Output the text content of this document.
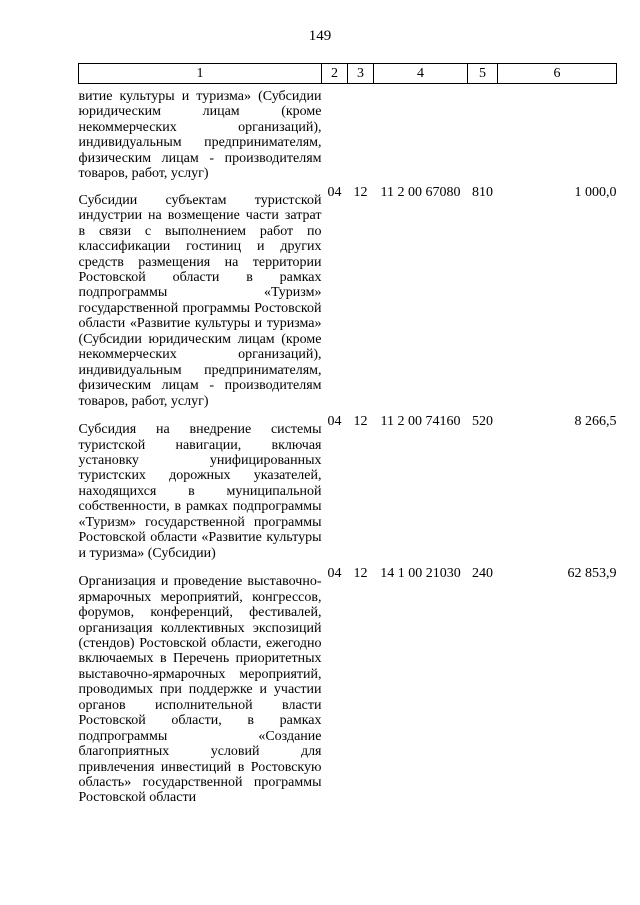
149
1	2	3	4	5	6
витие культуры и туризма» (Субсидии юридическим лицам (кроме некоммерческих организаций), индивидуальным предпринимателям, физическим лицам - производителям товаров, работ, услуг)					
Субсидии субъектам туристской индустрии на возмещение части затрат в связи с выполнением работ по классификации гостиниц и других средств размещения на территории Ростовской области в рамках подпрограммы «Туризм» государственной программы Ростовской области «Развитие культуры и туризма» (Субсидии юридическим лицам (кроме некоммерческих организаций), индивидуальным предпринимателям, физическим лицам - производителям товаров, работ, услуг)	04	12	11 2 00 67080	810	1 000,0
Субсидия на внедрение системы туристской навигации, включая установку унифицированных туристских дорожных указателей, находящихся в муниципальной собственности, в рамках подпрограммы «Туризм» государственной программы Ростовской области «Развитие культуры и туризма» (Субсидии)	04	12	11 2 00 74160	520	8 266,5
Организация и проведение выставочно-ярмарочных мероприятий, конгрессов, форумов, конференций, фестивалей, организация коллективных экспозиций (стендов) Ростовской области, ежегодно включаемых в Перечень приоритетных выставочно-ярмарочных мероприятий, проводимых при поддержке и участии органов исполнительной власти Ростовской области, в рамках подпрограммы «Создание благоприятных условий для привлечения инвестиций в Ростовскую область» государственной программы Ростовской области	04	12	14 1 00 21030	240	62 853,9
